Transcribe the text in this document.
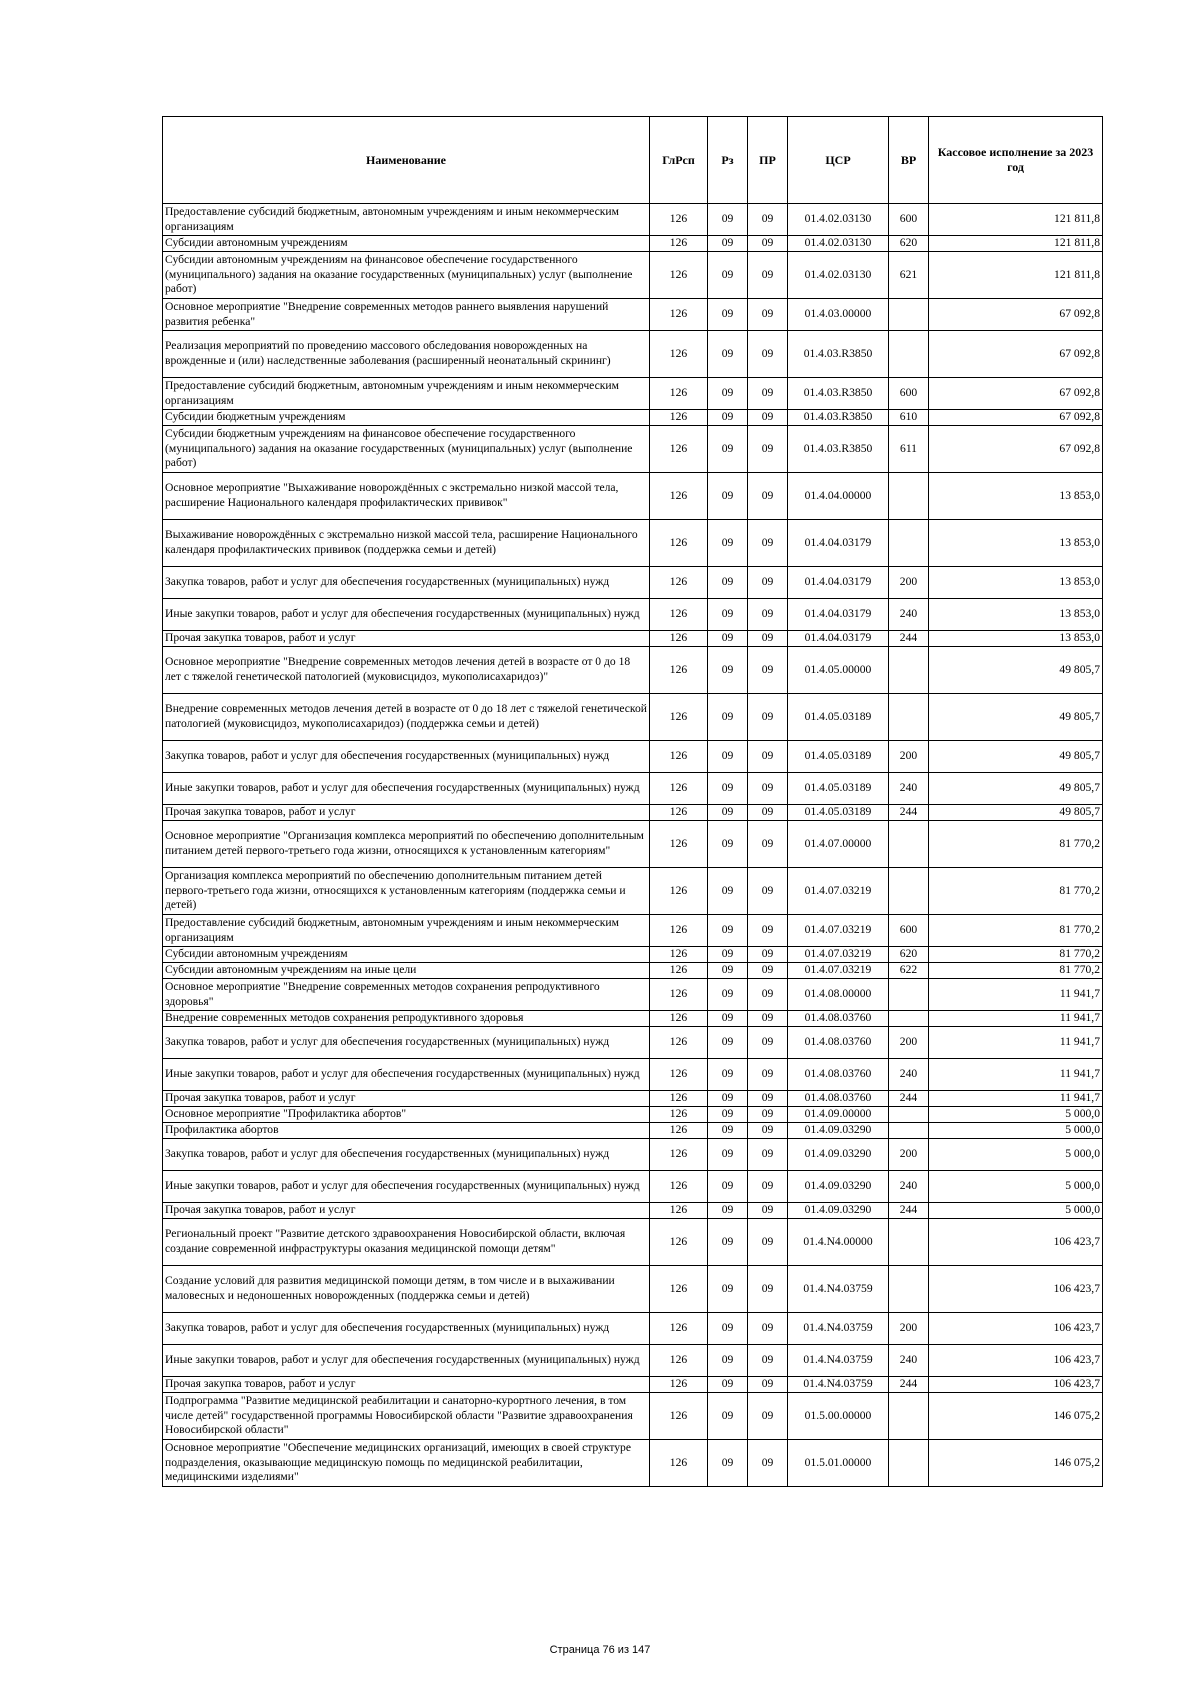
Наименование	ГлРсп	Рз	ПР	ЦСР	ВР	Кассовое исполнение за 2023 год
Предоставление субсидий бюджетным, автономным учреждениям и иным некоммерческим организациям	126	09	09	01.4.02.03130	600	121 811,8
Субсидии автономным учреждениям	126	09	09	01.4.02.03130	620	121 811,8
Субсидии автономным учреждениям на финансовое обеспечение государственного (муниципального) задания на оказание государственных (муниципальных) услуг (выполнение работ)	126	09	09	01.4.02.03130	621	121 811,8
Основное мероприятие "Внедрение современных методов раннего выявления нарушений развития ребенка"	126	09	09	01.4.03.00000		67 092,8
Реализация мероприятий по проведению массового обследования новорожденных на врожденные и (или) наследственные заболевания (расширенный неонатальный скрининг)	126	09	09	01.4.03.R3850		67 092,8
Предоставление субсидий бюджетным, автономным учреждениям и иным некоммерческим организациям	126	09	09	01.4.03.R3850	600	67 092,8
Субсидии бюджетным учреждениям	126	09	09	01.4.03.R3850	610	67 092,8
Субсидии бюджетным учреждениям на финансовое обеспечение государственного (муниципального) задания на оказание государственных (муниципальных) услуг (выполнение работ)	126	09	09	01.4.03.R3850	611	67 092,8
Основное мероприятие "Выхаживание новорождённых с экстремально низкой массой тела, расширение Национального календаря профилактических прививок"	126	09	09	01.4.04.00000		13 853,0
Выхаживание новорождённых с экстремально низкой массой тела, расширение Национального календаря профилактических прививок (поддержка семьи и детей)	126	09	09	01.4.04.03179		13 853,0
Закупка товаров, работ и услуг для обеспечения государственных (муниципальных) нужд	126	09	09	01.4.04.03179	200	13 853,0
Иные закупки товаров, работ и услуг для обеспечения государственных (муниципальных) нужд	126	09	09	01.4.04.03179	240	13 853,0
Прочая закупка товаров, работ и услуг	126	09	09	01.4.04.03179	244	13 853,0
Основное мероприятие "Внедрение современных методов лечения детей в возрасте от 0 до 18 лет с тяжелой генетической патологией (муковисцидоз, мукополисахаридоз)"	126	09	09	01.4.05.00000		49 805,7
Внедрение современных методов лечения детей в возрасте от 0 до 18 лет с тяжелой генетической патологией (муковисцидоз, мукополисахаридоз) (поддержка семьи и детей)	126	09	09	01.4.05.03189		49 805,7
Закупка товаров, работ и услуг для обеспечения государственных (муниципальных) нужд	126	09	09	01.4.05.03189	200	49 805,7
Иные закупки товаров, работ и услуг для обеспечения государственных (муниципальных) нужд	126	09	09	01.4.05.03189	240	49 805,7
Прочая закупка товаров, работ и услуг	126	09	09	01.4.05.03189	244	49 805,7
Основное мероприятие "Организация комплекса мероприятий по обеспечению дополнительным питанием детей первого-третьего года жизни, относящихся к установленным категориям"	126	09	09	01.4.07.00000		81 770,2
Организация комплекса мероприятий по обеспечению дополнительным питанием детей первого-третьего года жизни, относящихся к установленным категориям (поддержка семьи и детей)	126	09	09	01.4.07.03219		81 770,2
Предоставление субсидий бюджетным, автономным учреждениям и иным некоммерческим организациям	126	09	09	01.4.07.03219	600	81 770,2
Субсидии автономным учреждениям	126	09	09	01.4.07.03219	620	81 770,2
Субсидии автономным учреждениям на иные цели	126	09	09	01.4.07.03219	622	81 770,2
Основное мероприятие "Внедрение современных методов сохранения репродуктивного здоровья"	126	09	09	01.4.08.00000		11 941,7
Внедрение современных методов сохранения репродуктивного здоровья	126	09	09	01.4.08.03760		11 941,7
Закупка товаров, работ и услуг для обеспечения государственных (муниципальных) нужд	126	09	09	01.4.08.03760	200	11 941,7
Иные закупки товаров, работ и услуг для обеспечения государственных (муниципальных) нужд	126	09	09	01.4.08.03760	240	11 941,7
Прочая закупка товаров, работ и услуг	126	09	09	01.4.08.03760	244	11 941,7
Основное мероприятие "Профилактика абортов"	126	09	09	01.4.09.00000		5 000,0
Профилактика абортов	126	09	09	01.4.09.03290		5 000,0
Закупка товаров, работ и услуг для обеспечения государственных (муниципальных) нужд	126	09	09	01.4.09.03290	200	5 000,0
Иные закупки товаров, работ и услуг для обеспечения государственных (муниципальных) нужд	126	09	09	01.4.09.03290	240	5 000,0
Прочая закупка товаров, работ и услуг	126	09	09	01.4.09.03290	244	5 000,0
Региональный проект "Развитие детского здравоохранения Новосибирской области, включая создание современной инфраструктуры оказания медицинской помощи детям"	126	09	09	01.4.N4.00000		106 423,7
Создание условий для развития медицинской помощи детям, в том числе и в выхаживании маловесных и недоношенных новорожденных (поддержка семьи и детей)	126	09	09	01.4.N4.03759		106 423,7
Закупка товаров, работ и услуг для обеспечения государственных (муниципальных) нужд	126	09	09	01.4.N4.03759	200	106 423,7
Иные закупки товаров, работ и услуг для обеспечения государственных (муниципальных) нужд	126	09	09	01.4.N4.03759	240	106 423,7
Прочая закупка товаров, работ и услуг	126	09	09	01.4.N4.03759	244	106 423,7
Подпрограмма "Развитие медицинской реабилитации и санаторно-курортного лечения, в том числе детей" государственной программы Новосибирской области "Развитие здравоохранения Новосибирской области"	126	09	09	01.5.00.00000		146 075,2
Основное мероприятие "Обеспечение медицинских организаций, имеющих в своей структуре подразделения, оказывающие медицинскую помощь по медицинской реабилитации, медицинскими изделиями"	126	09	09	01.5.01.00000		146 075,2
Страница 76 из 147
